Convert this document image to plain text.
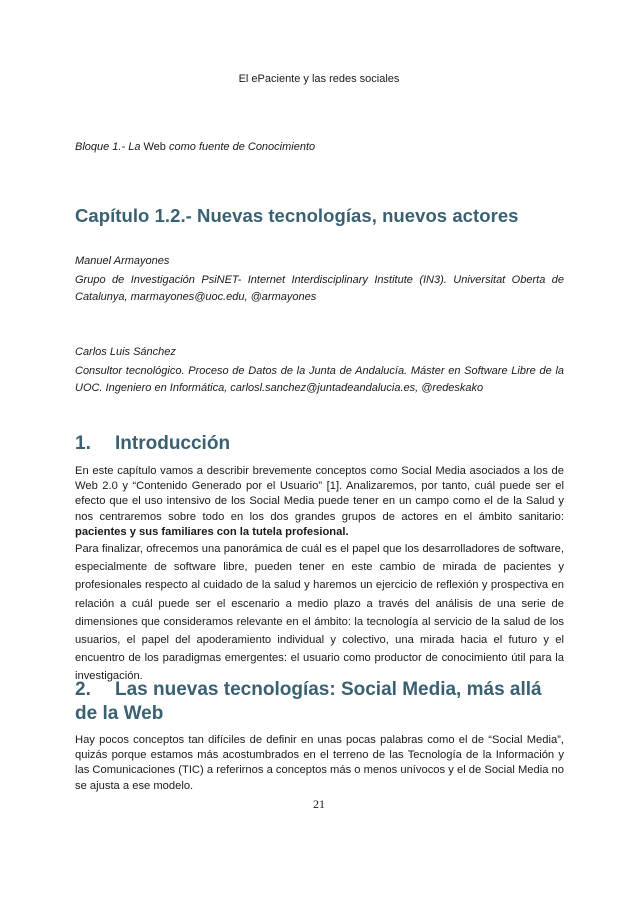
El ePaciente y las redes sociales
Bloque 1.- La Web como fuente de Conocimiento
Capítulo 1.2.- Nuevas tecnologías, nuevos actores
Manuel Armayones
Grupo de Investigación PsiNET- Internet Interdisciplinary Institute (IN3). Universitat Oberta de Catalunya, marmayones@uoc.edu, @armayones
Carlos Luis Sánchez
Consultor tecnológico. Proceso de Datos de la Junta de Andalucía. Máster en Software Libre de la UOC. Ingeniero en Informática, carlosl.sanchez@juntadeandalucia.es, @redeskako
1. Introducción

En este capítulo vamos a describir brevemente conceptos como Social Media asociados a los de Web 2.0 y “Contenido Generado por el Usuario” [1]. Analizaremos, por tanto, cuál puede ser el efecto que el uso intensivo de los Social Media puede tener en un campo como el de la Salud y nos centraremos sobre todo en los dos grandes grupos de actores en el ámbito sanitario: pacientes y sus familiares con la tutela profesional.

Para finalizar, ofrecemos una panorámica de cuál es el papel que los desarrolladores de software, especialmente de software libre, pueden tener en este cambio de mirada de pacientes y profesionales respecto al cuidado de la salud y haremos un ejercicio de reflexión y prospectiva en relación a cuál puede ser el escenario a medio plazo a través del análisis de una serie de dimensiones que consideramos relevante en el ámbito: la tecnología al servicio de la salud de los usuarios, el papel del apoderamiento individual y colectivo, una mirada hacia el futuro y el encuentro de los paradigmas emergentes: el usuario como productor de conocimiento útil para la investigación.

2. Las nuevas tecnologías: Social Media, más allá de la Web

Hay pocos conceptos tan difíciles de definir en unas pocas palabras como el de “Social Media”, quizás porque estamos más acostumbrados en el terreno de las Tecnología de la Información y las Comunicaciones (TIC) a referirnos a conceptos más o menos unívocos y el de Social Media no se ajusta a ese modelo.

21
